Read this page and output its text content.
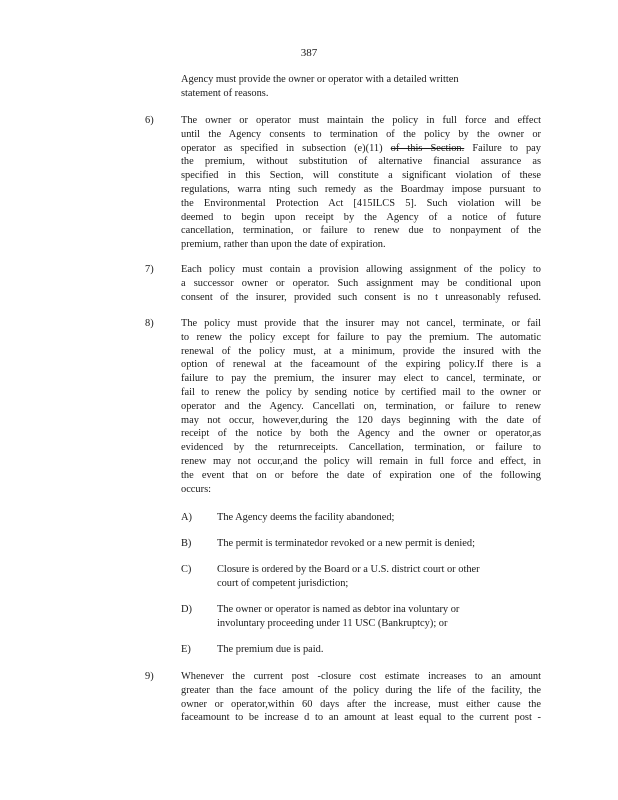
387
Agency must provide the owner or operator with a detailed written
statement of reasons.
6)	The owner or operator must maintain the policy in full force and effect
until the Agency consents to termination of the policy by the owner or
operator as specified in subsection (e)(11) of this Section. Failure to pay
the premium, without substitution of alternative financial assurance as
specified in this Section, will constitute a significant violation of these
regulations, warra nting such remedy as the Boardmay impose pursuant to
the Environmental Protection Act [415ILCS 5]. Such violation will be
deemed to begin upon receipt by the Agency of a notice of future
cancellation, termination, or failure to renew due to nonpayment of the
premium, rather than upon the date of expiration.
7)	Each policy must contain a provision allowing assignment of the policy to
a successor owner or operator. Such assignment may be conditional upon
consent of the insurer, provided such consent is no t unreasonably refused.
8)	The policy must provide that the insurer may not cancel, terminate, or fail
to renew the policy except for failure to pay the premium. The automatic
renewal of the policy must, at a minimum, provide the insured with the
option of renewal at the faceamount of the expiring policy.If there is a
failure to pay the premium, the insurer may elect to cancel, terminate, or
fail to renew the policy by sending notice by certified mail to the owner or
operator and the Agency. Cancellati on, termination, or failure to renew
may not occur, however,during the 120 days beginning with the date of
receipt of the notice by both the Agency and the owner or operator,as
evidenced by the returnreceipts. Cancellation, termination, or failure to
renew may not occur,and the policy will remain in full force and effect, in
the event that on or before the date of expiration one of the following
occurs:
A) The Agency deems the facility abandoned;
B) The permit is terminatedor revoked or a new permit is denied;
C) Closure is ordered by the Board or a U.S. district court or other
court of competent jurisdiction;
D) The owner or operator is named as debtor ina voluntary or
involuntary proceeding under 11 USC (Bankruptcy); or
E)	The premium due is paid.
9)	Whenever the current post -closure cost estimate increases to an amount
greater than the face amount of the policy during the life of the facility, the
owner or operator,within 60 days after the increase, must either cause the
faceamount to be increase d to an amount at least equal to the current post -
